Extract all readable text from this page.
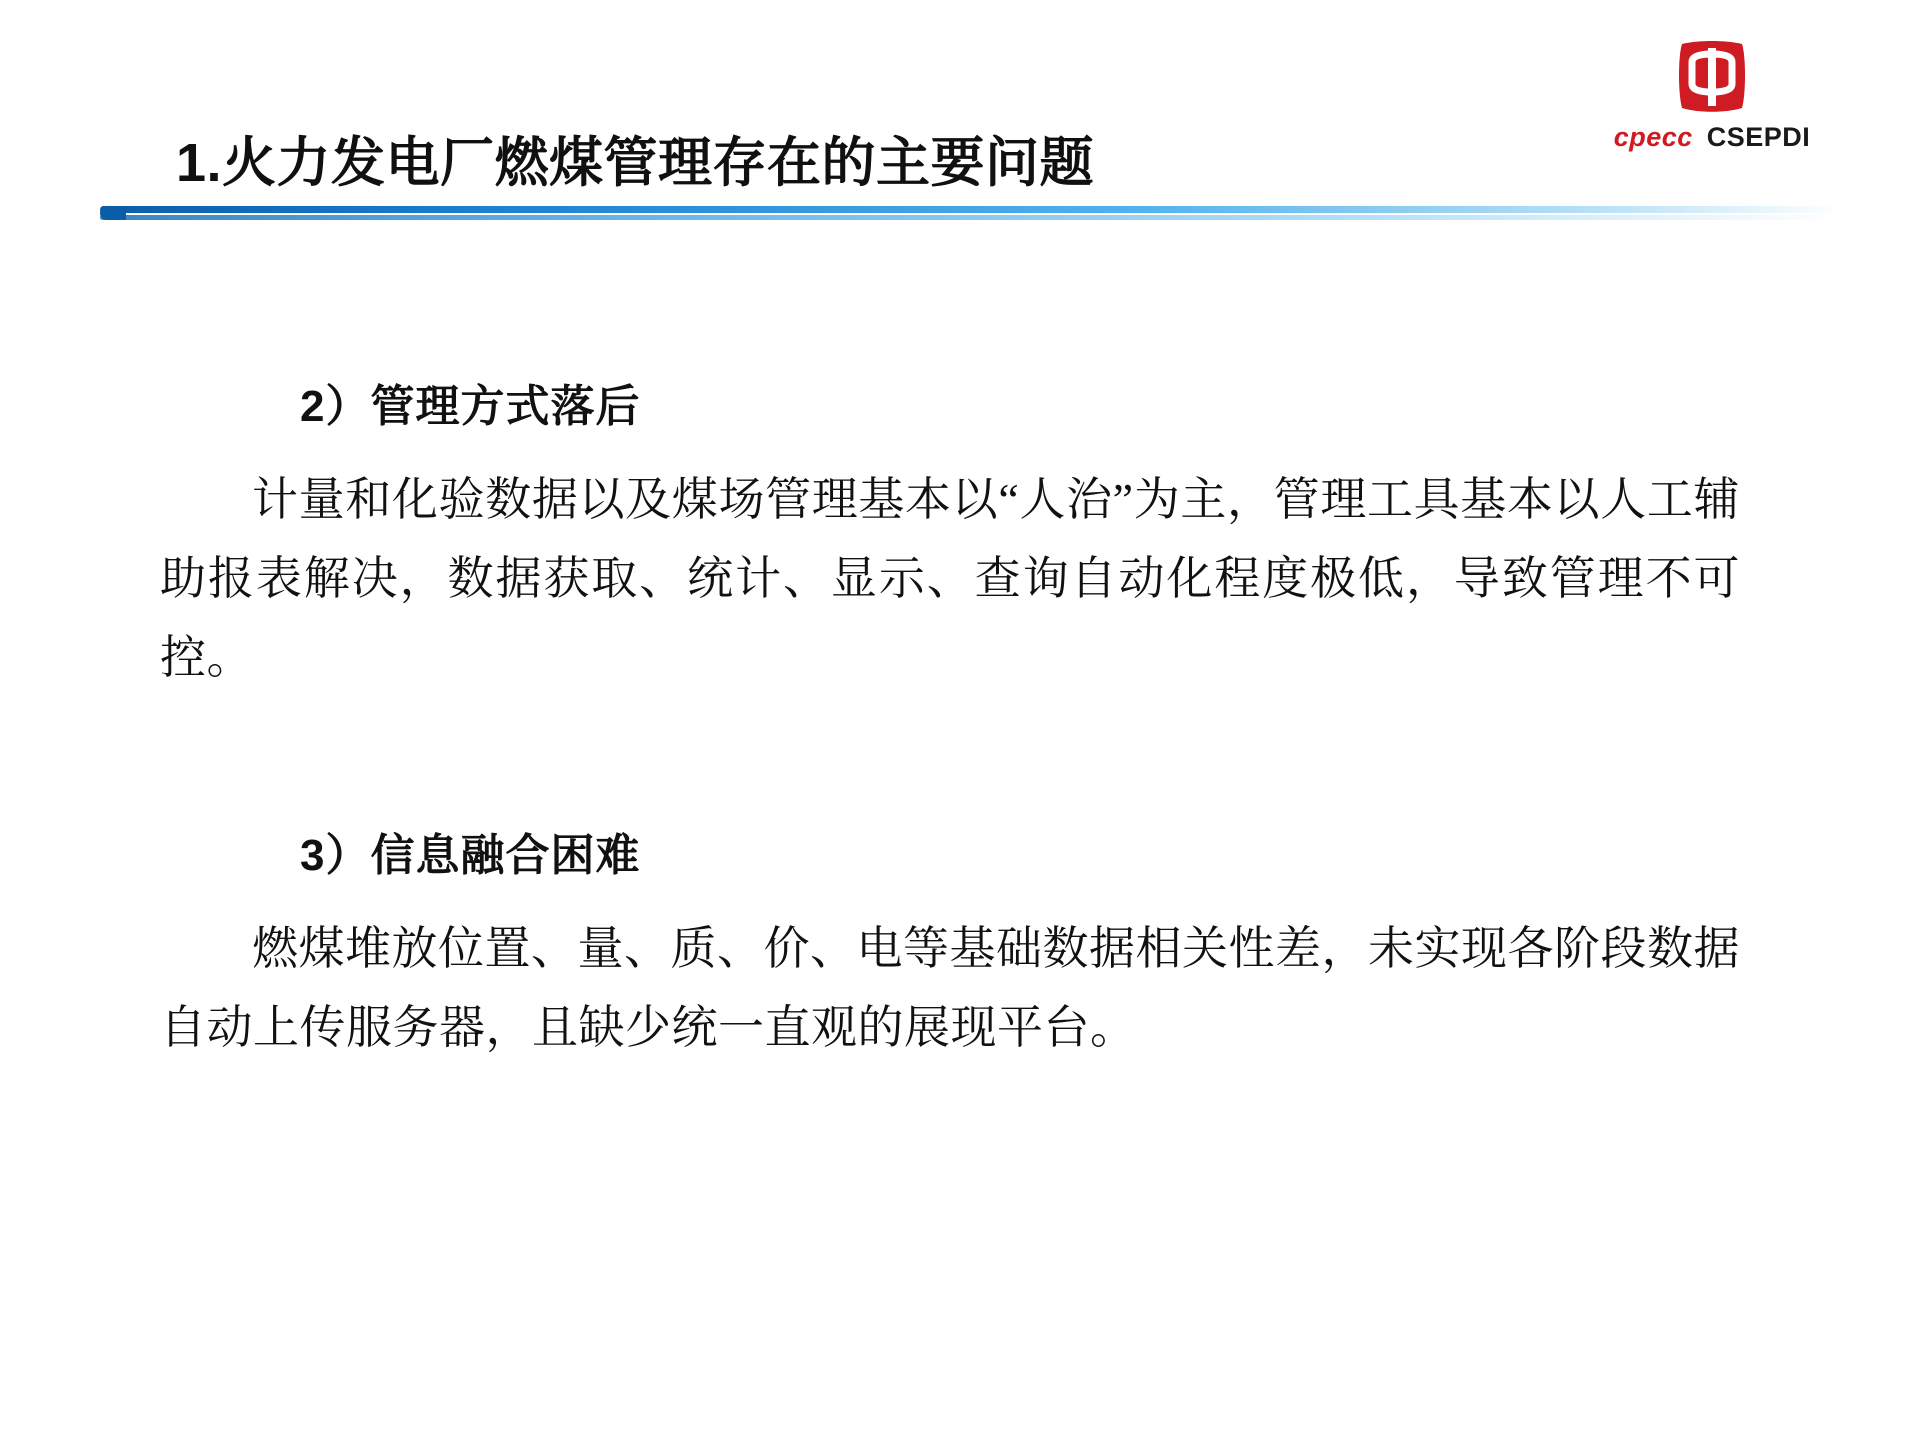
cpecc CSEPDI
1.火力发电厂燃煤管理存在的主要问题
2）管理方式落后
计量和化验数据以及煤场管理基本以“人治”为主，管理工具基本以人工辅助报表解决，数据获取、统计、显示、查询自动化程度极低，导致管理不可控。
3）信息融合困难
燃煤堆放位置、量、质、价、电等基础数据相关性差，未实现各阶段数据自动上传服务器，且缺少统一直观的展现平台。
